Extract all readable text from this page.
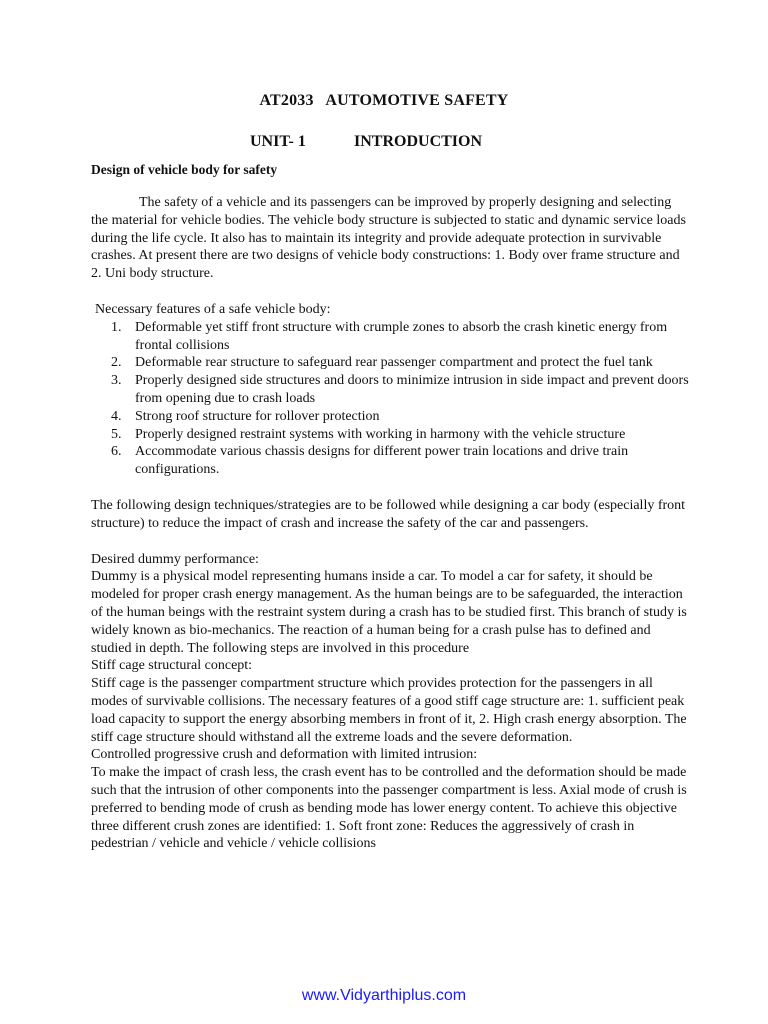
AT2033   AUTOMOTIVE SAFETY
UNIT- 1	INTRODUCTION
Design of vehicle body for safety

The safety of a vehicle and its passengers can be improved by properly designing and selecting the material for vehicle bodies. The vehicle body structure is subjected to static and dynamic service loads during the life cycle. It also has to maintain its integrity and provide adequate protection in survivable crashes. At present there are two designs of vehicle body constructions: 1. Body over frame structure and 2. Uni body structure.

Necessary features of a safe vehicle body:

1. Deformable yet stiff front structure with crumple zones to absorb the crash kinetic energy from frontal collisions
2. Deformable rear structure to safeguard rear passenger compartment and protect the fuel tank
3. Properly designed side structures and doors to minimize intrusion in side impact and prevent doors from opening due to crash loads
4. Strong roof structure for rollover protection
5. Properly designed restraint systems with working in harmony with the vehicle structure
6. Accommodate various chassis designs for different power train locations and drive train configurations.

The following design techniques/strategies are to be followed while designing a car body (especially front structure) to reduce the impact of crash and increase the safety of the car and passengers.

Desired dummy performance:

Dummy is a physical model representing humans inside a car. To model a car for safety, it should be modeled for proper crash energy management. As the human beings are to be safeguarded, the interaction of the human beings with the restraint system during a crash has to be studied first. This branch of study is widely known as bio-mechanics. The reaction of a human being for a crash pulse has to defined and studied in depth. The following steps are involved in this procedure

Stiff cage structural concept:

Stiff cage is the passenger compartment structure which provides protection for the passengers in all modes of survivable collisions. The necessary features of a good stiff cage structure are: 1. sufficient peak load capacity to support the energy absorbing members in front of it, 2. High crash energy absorption. The stiff cage structure should withstand all the extreme loads and the severe deformation.

Controlled progressive crush and deformation with limited intrusion:

To make the impact of crash less, the crash event has to be controlled and the deformation should be made such that the intrusion of other components into the passenger compartment is less. Axial mode of crush is preferred to bending mode of crush as bending mode has lower energy content. To achieve this objective three different crush zones are identified: 1. Soft front zone: Reduces the aggressively of crash in pedestrian / vehicle and vehicle / vehicle collisions

www.Vidyarthiplus.com
